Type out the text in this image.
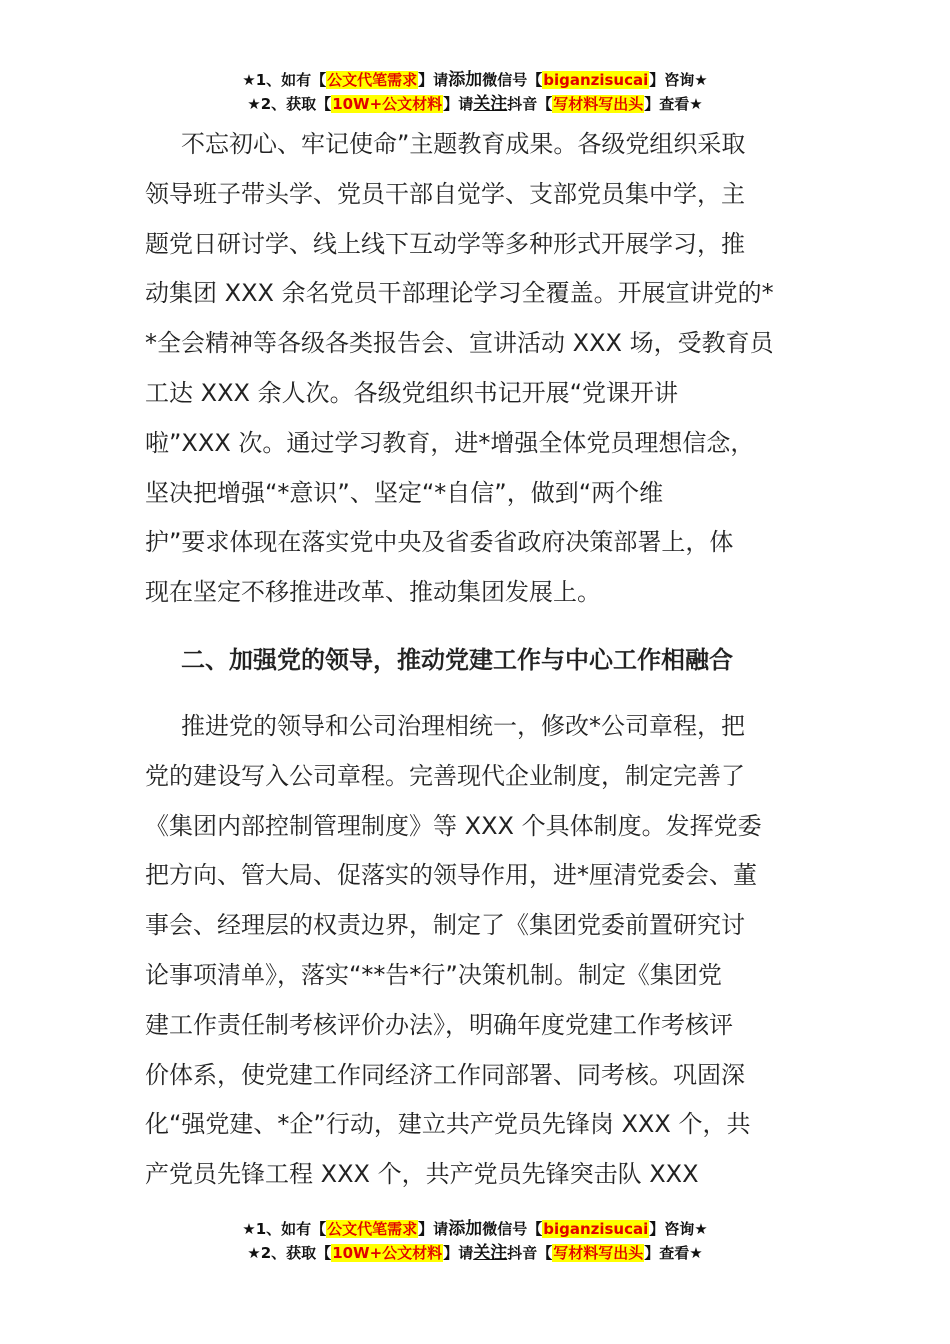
★1、如有【公文代笔需求】请添加微信号【biganzisucai】咨询★
★2、获取【10W+公文材料】请关注抖音【写材料写出头】查看★

不忘初心、牢记使命”主题教育成果。各级党组织采取
领导班子带头学、党员干部自觉学、支部党员集中学，主
题党日研讨学、线上线下互动学等多种形式开展学习，推
动集团 XXX 余名党员干部理论学习全覆盖。开展宣讲党的*
*全会精神等各级各类报告会、宣讲活动 XXX 场，受教育员
工达 XXX 余人次。各级党组织书记开展“党课开讲
啦”XXX 次。通过学习教育，进*增强全体党员理想信念，
坚决把增强“*意识”、坚定“*自信”，做到“两个维
护”要求体现在落实党中央及省委省政府决策部署上，体
现在坚定不移推进改革、推动集团发展上。

二、加强党的领导，推动党建工作与中心工作相融合

推进党的领导和公司治理相统一，修改*公司章程，把
党的建设写入公司章程。完善现代企业制度，制定完善了
《集团内部控制管理制度》等 XXX 个具体制度。发挥党委
把方向、管大局、促落实的领导作用，进*厘清党委会、董
事会、经理层的权责边界，制定了《集团党委前置研究讨
论事项清单》，落实“**告*行”决策机制。制定《集团党
建工作责任制考核评价办法》，明确年度党建工作考核评
价体系，使党建工作同经济工作同部署、同考核。巩固深
化“强党建、*企”行动，建立共产党员先锋岗 XXX 个，共
产党员先锋工程 XXX 个，共产党员先锋突击队 XXX

★1、如有【公文代笔需求】请添加微信号【biganzisucai】咨询★
★2、获取【10W+公文材料】请关注抖音【写材料写出头】查看★
